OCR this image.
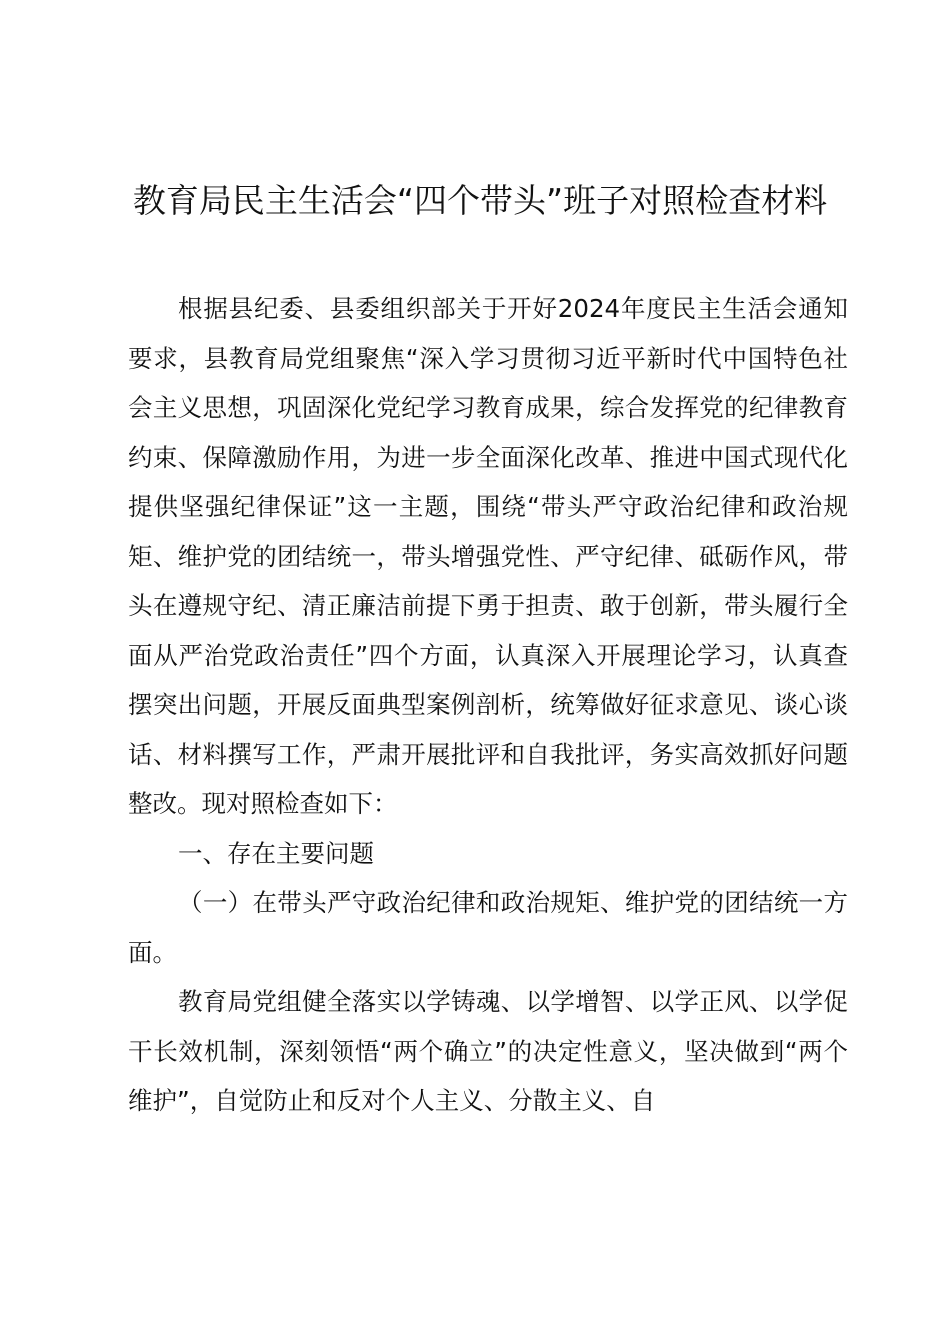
教育局民主生活会“四个带头”班子对照检查材料

根据县纪委、县委组织部关于开好2024年度民主生活会通知要求，县教育局党组聚焦“深入学习贯彻习近平新时代中国特色社会主义思想，巩固深化党纪学习教育成果，综合发挥党的纪律教育约束、保障激励作用，为进一步全面深化改革、推进中国式现代化提供坚强纪律保证”这一主题，围绕“带头严守政治纪律和政治规矩、维护党的团结统一，带头增强党性、严守纪律、砥砺作风，带头在遵规守纪、清正廉洁前提下勇于担责、敢于创新，带头履行全面从严治党政治责任”四个方面，认真深入开展理论学习，认真查摆突出问题，开展反面典型案例剖析，统筹做好征求意见、谈心谈话、材料撰写工作，严肃开展批评和自我批评，务实高效抓好问题整改。现对照检查如下：

一、存在主要问题

（一）在带头严守政治纪律和政治规矩、维护党的团结统一方面。

教育局党组健全落实以学铸魂、以学增智、以学正风、以学促干长效机制，深刻领悟“两个确立”的决定性意义，坚决做到“两个维护”，自觉防止和反对个人主义、分散主义、自
